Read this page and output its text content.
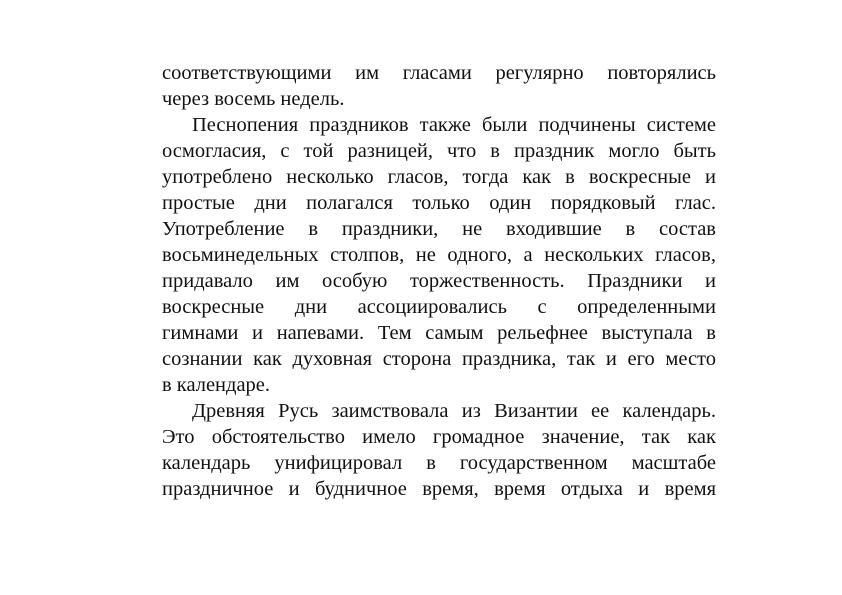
соответствующими им гласами регулярно повторялись
через восемь недель.

Песнопения праздников также были подчинены системе
осмогласия, с той разницей, что в праздник могло быть
употреблено несколько гласов, тогда как в воскресные и
простые дни полагался только один порядковый глас.
Употребление в праздники, не входившие в состав
восьминедельных столпов, не одного, а нескольких гласов,
придавало им особую торжественность. Праздники и
воскресные дни ассоциировались с определенными
гимнами и напевами. Тем самым рельефнее выступала в
сознании как духовная сторона праздника, так и его место
в календаре.

Древняя Русь заимствовала из Византии ее календарь.
Это обстоятельство имело громадное значение, так как
календарь унифицировал в государственном масштабе
праздничное и будничное время, время отдыха и время
